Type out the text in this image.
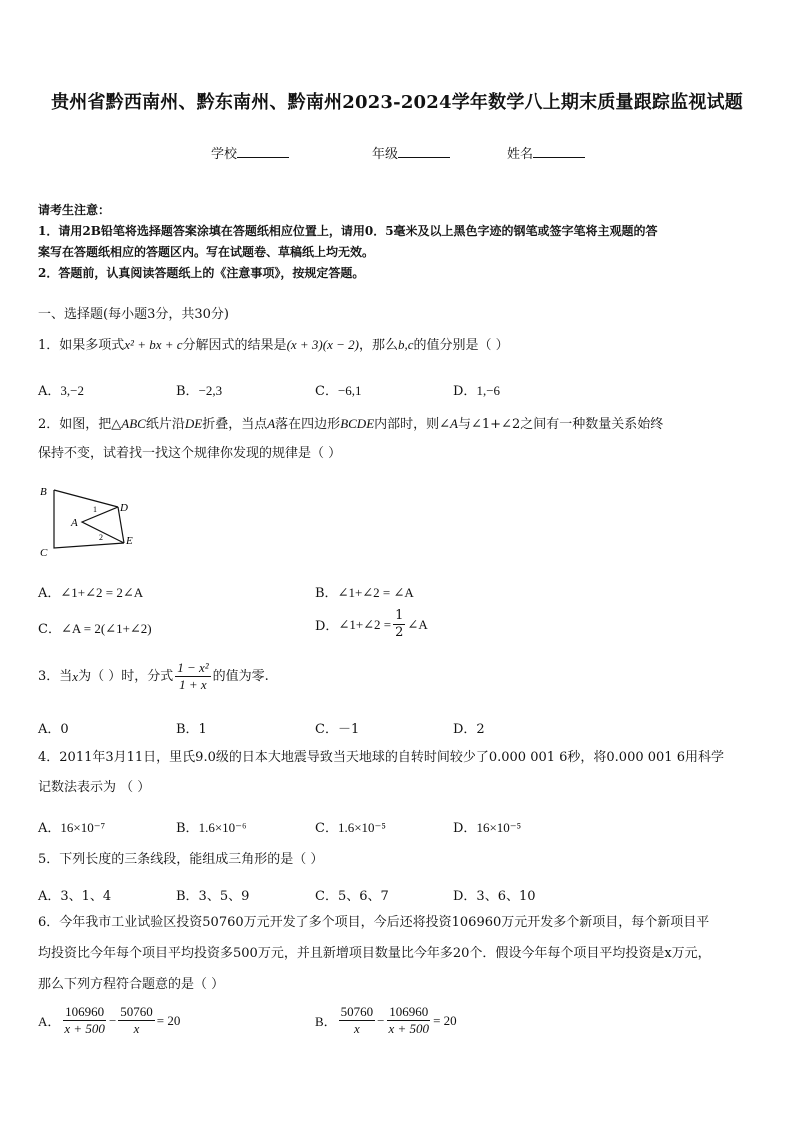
贵州省黔西南州、黔东南州、黔南州2023-2024学年数学八上期末质量跟踪监视试题
学校	年级	姓名
请考生注意：
1．请用2B铅笔将选择题答案涂填在答题纸相应位置上，请用0．5毫米及以上黑色字迹的钢笔或签字笔将主观题的答
案写在答题纸相应的答题区内。写在试题卷、草稿纸上均无效。
2．答题前，认真阅读答题纸上的《注意事项》，按规定答题。
一、选择题(每小题3分，共30分)
1．如果多项式x² + bx + c分解因式的结果是(x + 3)(x − 2)，那么b,c的值分别是（ ）
A．3,−2	B．−2,3	C．−6,1	D．1,−6
2．如图，把△ABC纸片沿DE折叠，当点A落在四边形BCDE内部时，则∠A与∠1+∠2之间有一种数量关系始终
保持不变，试着找一找这个规律你发现的规律是（ ）
B
C
D
E
A
1
2
A．∠1+∠2 = 2∠A	B．∠1+∠2 = ∠A
C．∠A = 2(∠1+∠2)	D． ∠1+∠2 = $\frac{1}{2}$ ∠A
3．当 x 为（ ）时，分式 $\frac{\text{1 − x²}}{1 + x}$ 的值为零.
A．0	B．1	C．－1	D．2
4．2011年3月11日，里氏9.0级的日本大地震导致当天地球的自转时间较少了0.000 001 6秒，将0.000 001 6用科学
记数法表示为 （ ）
A．16×10⁻⁷	B．1.6×10⁻⁶	C．1.6×10⁻⁵	D．16×10⁻⁵
5．下列长度的三条线段，能组成三角形的是（ ）
A．3、1、4	B．3、5、9	C．5、6、7	D．3、6、10
6．今年我市工业试验区投资50760万元开发了多个项目，今后还将投资106960万元开发多个新项目，每个新项目平
均投资比今年每个项目平均投资多500万元，并且新增项目数量比今年多20个．假设今年每个项目平均投资是x万元，
那么下列方程符合题意的是（ ）
A． $\frac{106960}{x + 500} - \frac{50760}{x} = 20$	B． $\frac{50760}{x} - \frac{106960}{x + 500} = 20$
